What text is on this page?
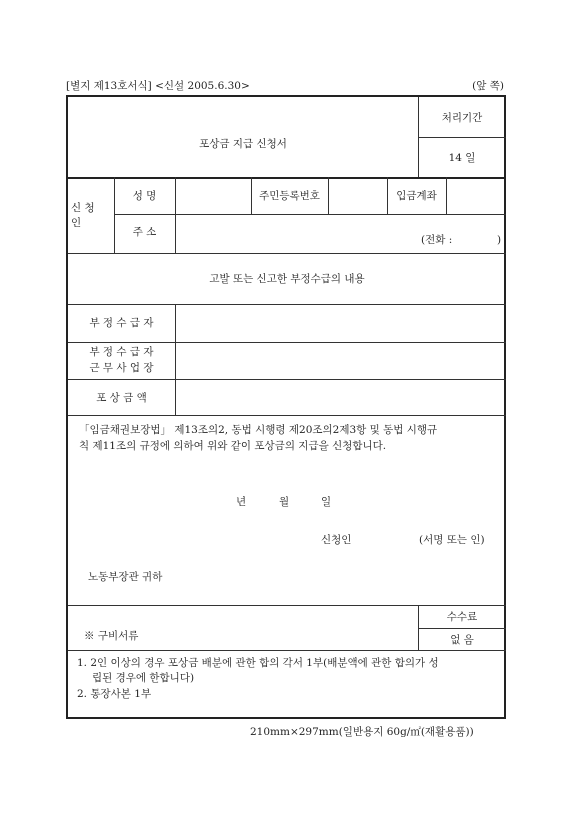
[별지 제13호서식] <신설 2005.6.30>	(앞 쪽)
포상금 지급 신청서
처리기간
14 일
신 청
인
성 명	주민등록번호	입금계좌
주 소
(전화 :	)
고발 또는 신고한 부정수급의 내용
부 정 수 급 자
부 정 수 급 자
근 무 사 업 장
포 상 금 액
「임금채권보장법」 제13조의2, 동법 시행령 제20조의2제3항 및 동법 시행규
칙 제11조의 규정에 의하여 위와 같이 포상금의 지급을 신청합니다.
년	월	일
신청인	(서명 또는 인)
노동부장관 귀하
※ 구비서류
수수료
없 음
1. 2인 이상의 경우 포상금 배분에 관한 합의 각서 1부(배분액에 관한 합의가 성
립된 경우에 한합니다)
2. 통장사본 1부
210mm×297mm(일반용지 60g/㎡(재활용품))
